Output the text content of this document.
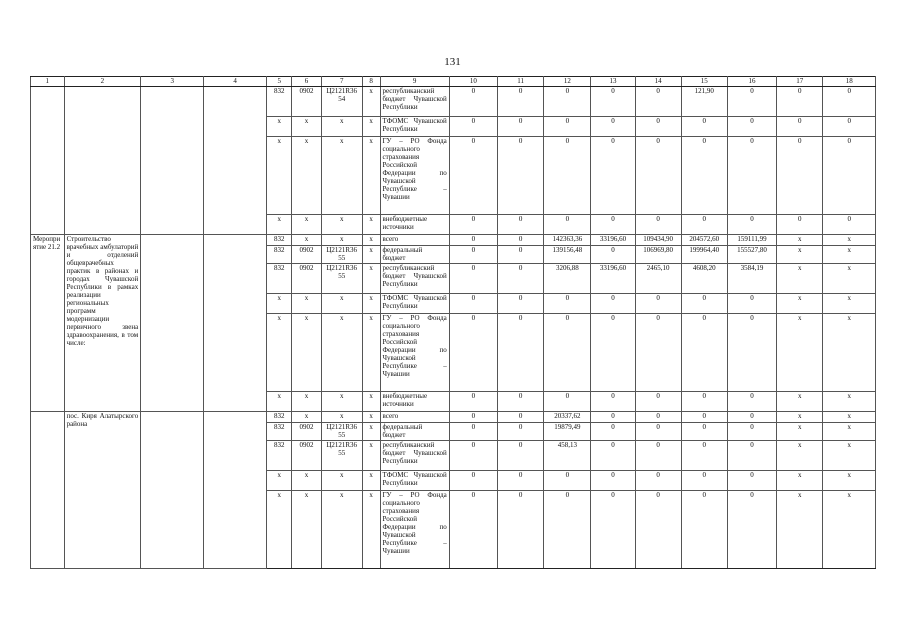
131
1	2	3	4	5	6	7	8	9	10	11	12	13	14	15	16	17	18
				832	0902	Ц2121R36 54	x	республиканский бюджет Чувашской Республики	0	0	0	0	0	121,90	0	0	0
				x	x	x	x	ТФОМС Чувашской Республики	0	0	0	0	0	0	0	0	0
				x	x	x	x	ГУ – РО Фонда социального страхования Российской Федерации по Чувашской Республике – Чувашии	0	0	0	0	0	0	0	0	0
				x	x	x	x	внебюджетные источники	0	0	0	0	0	0	0	0	0
Мероприятие 21.2	Строительство врачебных амбулаторий и отделений общеврачебных практик в районах и городах Чувашской Республики в рамках реализации региональных программ модернизации первичного звена здравоохранения, в том числе:			832	x	x	x	всего	0	0	142363,36	33196,60	109434,90	204572,60	159111,99	x	x
				832	0902	Ц2121R36 55	x	федеральный бюджет	0	0	139156,48	0	106969,80	199964,40	155527,80	x	x
				832	0902	Ц2121R36 55	x	республиканский бюджет Чувашской Республики	0	0	3206,88	33196,60	2465,10	4608,20	3584,19	x	x
				x	x	x	x	ТФОМС Чувашской Республики	0	0	0	0	0	0	0	x	x
				x	x	x	x	ГУ – РО Фонда социального страхования Российской Федерации по Чувашской Республике – Чувашии	0	0	0	0	0	0	0	x	x
				x	x	x	x	внебюджетные источники	0	0	0	0	0	0	0	x	x
	пос. Киря Алатырского района			832	x	x	x	всего	0	0	20337,62	0	0	0	0	x	x
				832	0902	Ц2121R36 55	x	федеральный бюджет	0	0	19879,49	0	0	0	0	x	x
				832	0902	Ц2121R36 55	x	республиканский бюджет Чувашской Республики	0	0	458,13	0	0	0	0	x	x
				x	x	x	x	ТФОМС Чувашской Республики	0	0	0	0	0	0	0	x	x
				x	x	x	x	ГУ – РО Фонда социального страхования Российской Федерации по Чувашской Республике – Чувашии	0	0	0	0	0	0	0	x	x
